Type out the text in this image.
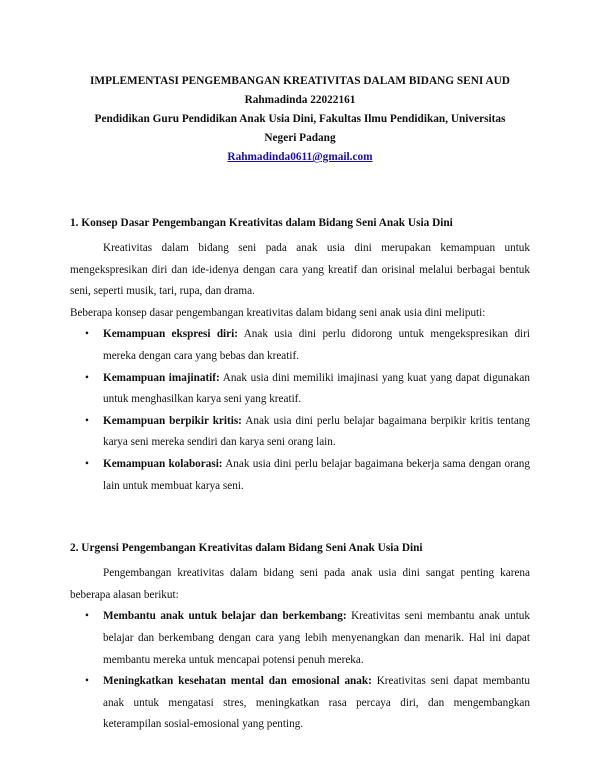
IMPLEMENTASI PENGEMBANGAN KREATIVITAS DALAM BIDANG SENI AUD
Rahmadinda 22022161
Pendidikan Guru Pendidikan Anak Usia Dini, Fakultas Ilmu Pendidikan, Universitas
Negeri Padang
Rahmadinda0611@gmail.com
1. Konsep Dasar Pengembangan Kreativitas dalam Bidang Seni Anak Usia Dini

Kreativitas dalam bidang seni pada anak usia dini merupakan kemampuan untuk mengekspresikan diri dan ide-idenya dengan cara yang kreatif dan orisinal melalui berbagai bentuk seni, seperti musik, tari, rupa, dan drama.

Beberapa konsep dasar pengembangan kreativitas dalam bidang seni anak usia dini meliputi:

• Kemampuan ekspresi diri: Anak usia dini perlu didorong untuk mengekspresikan diri mereka dengan cara yang bebas dan kreatif.
• Kemampuan imajinatif: Anak usia dini memiliki imajinasi yang kuat yang dapat digunakan untuk menghasilkan karya seni yang kreatif.
• Kemampuan berpikir kritis: Anak usia dini perlu belajar bagaimana berpikir kritis tentang karya seni mereka sendiri dan karya seni orang lain.
• Kemampuan kolaborasi: Anak usia dini perlu belajar bagaimana bekerja sama dengan orang lain untuk membuat karya seni.
2. Urgensi Pengembangan Kreativitas dalam Bidang Seni Anak Usia Dini

Pengembangan kreativitas dalam bidang seni pada anak usia dini sangat penting karena beberapa alasan berikut:

• Membantu anak untuk belajar dan berkembang: Kreativitas seni membantu anak untuk belajar dan berkembang dengan cara yang lebih menyenangkan dan menarik. Hal ini dapat membantu mereka untuk mencapai potensi penuh mereka.
• Meningkatkan kesehatan mental dan emosional anak: Kreativitas seni dapat membantu anak untuk mengatasi stres, meningkatkan rasa percaya diri, dan mengembangkan keterampilan sosial-emosional yang penting.
